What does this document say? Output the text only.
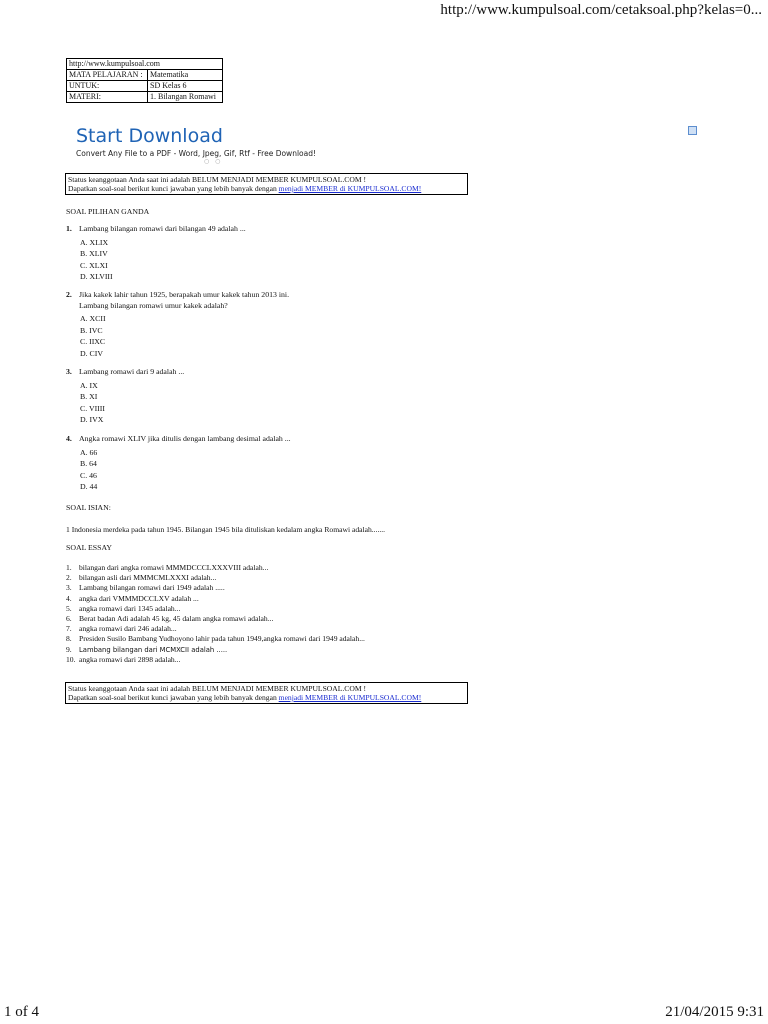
http://www.kumpulsoal.com/cetaksoal.php?kelas=0...
http://www.kumpulsoal.com	
MATA PELAJARAN :	Matematika
UNTUK:	SD Kelas 6
MATERI:	1. Bilangan Romawi
Start Download
Convert Any File to a PDF - Word, Jpeg, Gif, Rtf - Free Download!
○ ○
Status keanggotaan Anda saat ini adalah BELUM MENJADI MEMBER KUMPULSOAL.COM !
Dapatkan soal-soal berikut kunci jawaban yang lebih banyak dengan menjadi MEMBER di KUMPULSOAL.COM!
SOAL PILIHAN GANDA
1. Lambang bilangan romawi dari bilangan 49 adalah ...
A. XLIX
B. XLIV
C. XLXI
D. XLVIII
2. Jika kakek lahir tahun 1925, berapakah umur kakek tahun 2013 ini.
Lambang bilangan romawi umur kakek adalah?
A. XCII
B. IVC
C. IIXC
D. CIV
3. Lambang romawi dari 9 adalah ...
A. IX
B. XI
C. VIIII
D. IVX
4. Angka romawi XLIV jika ditulis dengan lambang desimal adalah ...
A. 66
B. 64
C. 46
D. 44
SOAL ISIAN:
1 Indonesia merdeka pada tahun 1945. Bilangan 1945 bila dituliskan kedalam angka Romawi adalah.......
SOAL ESSAY
1. bilangan dari angka romawi MMMDCCCLXXXVIII adalah...
2. bilangan asli dari MMMCMLXXXI adalah...
3. Lambang bilangan romawi dari 1949 adalah .....
4. angka dari VMMMDCCLXV adalah ...
5. angka romawi dari 1345 adalah...
6. Berat badan Adi adalah 45 kg, 45 dalam angka romawi adalah...
7. angka romawi dari 246 adalah...
8. Presiden Susilo Bambang Yudhoyono lahir pada tahun 1949,angka romawi dari 1949 adalah...
9. Lambang bilangan dari MCMXCII adalah .....
10. angka romawi dari 2898 adalah...
Status keanggotaan Anda saat ini adalah BELUM MENJADI MEMBER KUMPULSOAL.COM !
Dapatkan soal-soal berikut kunci jawaban yang lebih banyak dengan menjadi MEMBER di KUMPULSOAL.COM!
1 of 4	21/04/2015 9:31
